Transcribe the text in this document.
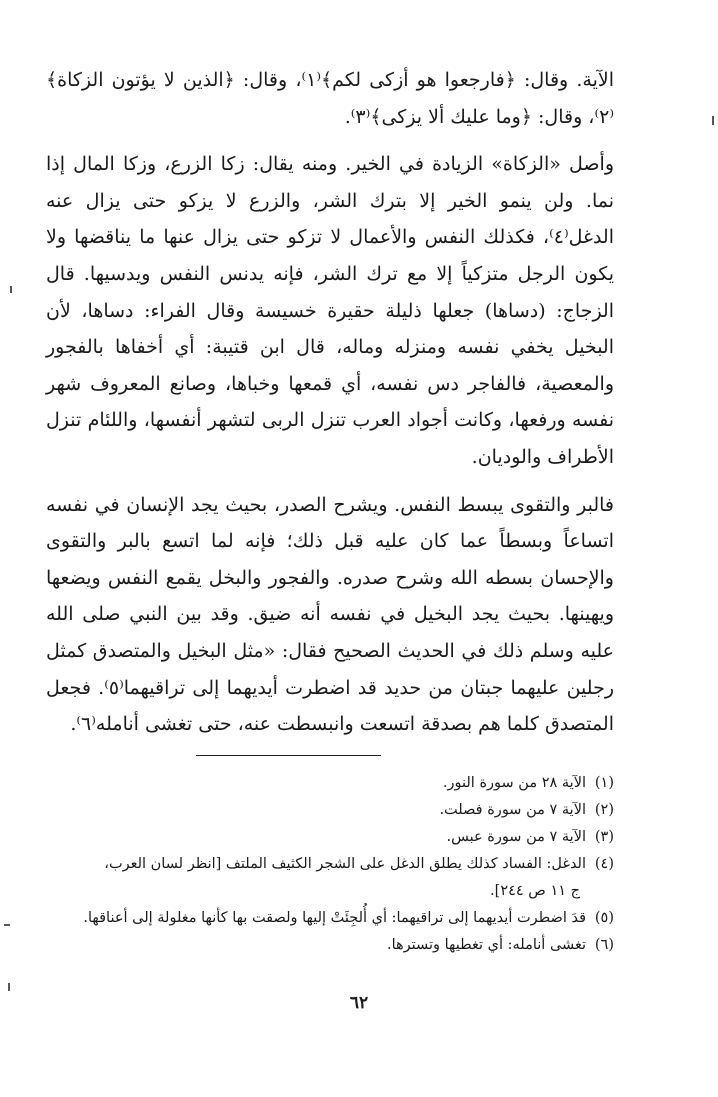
الآية. وقال: ﴿فارجعوا هو أزكى لكم﴾⁽١⁾، وقال: ﴿الذين لا يؤتون الزكاة﴾⁽٢⁾، وقال: ﴿وما عليك ألا يزكى﴾⁽٣⁾.

وأصل «الزكاة» الزيادة في الخير. ومنه يقال: زكا الزرع، وزكا المال إذا نما. ولن ينمو الخير إلا بترك الشر، والزرع لا يزكو حتى يزال عنه الدغل⁽٤⁾، فكذلك النفس والأعمال لا تزكو حتى يزال عنها ما يناقضها ولا يكون الرجل متزكياً إلا مع ترك الشر، فإنه يدنس النفس ويدسيها. قال الزجاج: (دساها) جعلها ذليلة حقيرة خسيسة وقال الفراء: دساها، لأن البخيل يخفي نفسه ومنزله وماله، قال ابن قتيبة: أي أخفاها بالفجور والمعصية، فالفاجر دس نفسه، أي قمعها وخباها، وصانع المعروف شهر نفسه ورفعها، وكانت أجواد العرب تنزل الربى لتشهر أنفسها، واللئام تنزل الأطراف والوديان.

فالبر والتقوى يبسط النفس. ويشرح الصدر، بحيث يجد الإنسان في نفسه اتساعاً وبسطاً عما كان عليه قبل ذلك؛ فإنه لما اتسع بالبر والتقوى والإحسان بسطه الله وشرح صدره. والفجور والبخل يقمع النفس ويضعها ويهينها. بحيث يجد البخيل في نفسه أنه ضيق. وقد بين النبي صلى الله عليه وسلم ذلك في الحديث الصحيح فقال: «مثل البخيل والمتصدق كمثل رجلين عليهما جبتان من حديد قد اضطرت أيديهما إلى تراقيهما⁽٥⁾. فجعل المتصدق كلما هم بصدقة اتسعت وانبسطت عنه، حتى تغشى أنامله⁽٦⁾.

(١)الآية ٢٨ من سورة النور.

(٢)الآية ٧ من سورة فصلت.

(٣)الآية ٧ من سورة عبس.

(٤)الدغل: الفساد كذلك يطلق الدغل على الشجر الكثيف الملتف [انظر لسان العرب،

ج ١١ ص ٢٤٤].

(٥)قدَ اضطرت أيديهما إلى تراقيهما: أي أُلجِئَتْ إليها ولصقت بها كأنها مغلولة إلى أعناقها.

(٦)تغشى أنامله: أي تغطيها وتسترها.

٦٢
